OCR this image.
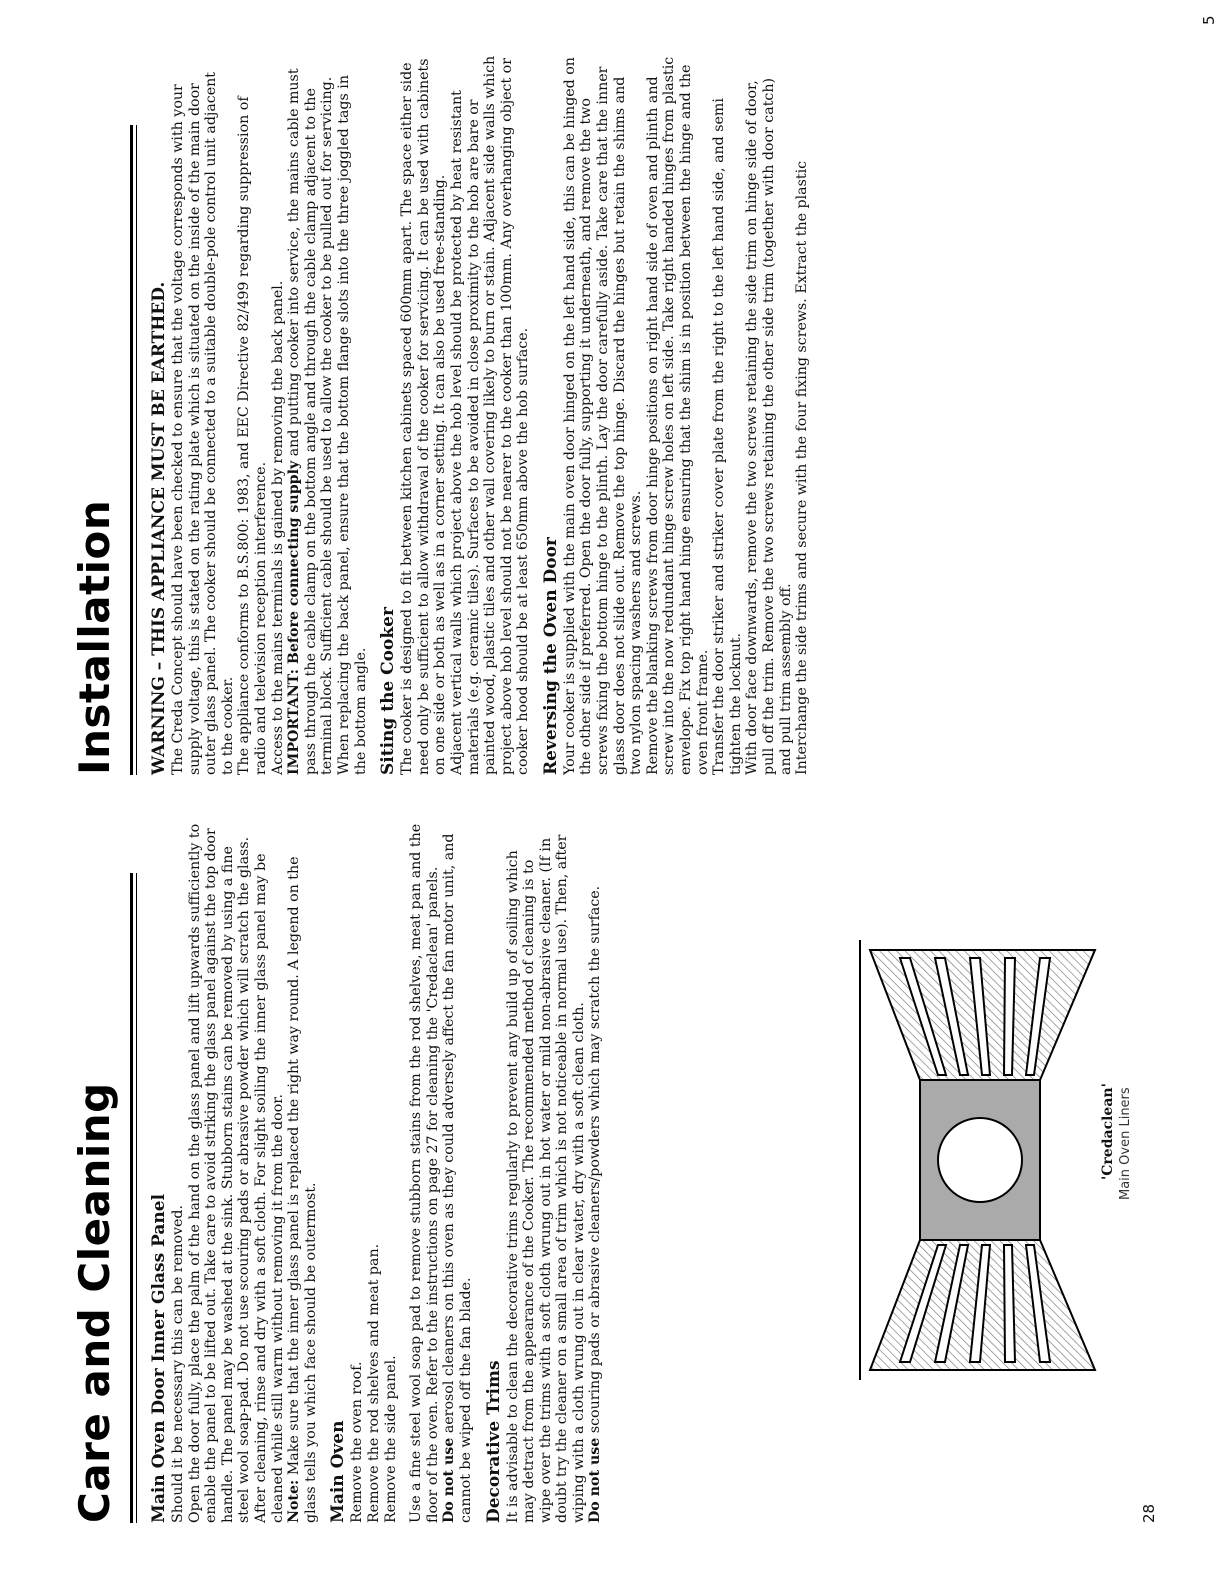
Care and Cleaning Main Oven Door Inner Glass Panel Should it be necessary this can be removed. Open the door fully, place the palm of the hand on the glass panel and lift upwards sufficiently to enable the panel to be lifted out. Take care to avoid striking the glass panel against the top door handle. The panel may be washed at the sink. Stubborn stains can be removed by using a fine steel wool soap-pad. Do not use scouring pads or abrasive powder which will scratch the glass. After cleaning, rinse and dry with a soft cloth. For slight soiling the inner glass panel may be cleaned while still warm without removing it from the door. Note: Make sure that the inner glass panel is replaced the right way round. A legend on the glass tells you which face should be outermost. Main Oven Remove the oven roof. Remove the rod shelves and meat pan. Remove the side panel. Use a fine steel wool soap pad to remove stubborn stains from the rod shelves, meat pan and the floor of the oven. Refer to the instructions on page 27 for cleaning the 'Credaclean' panels. Do not use aerosol cleaners on this oven as they could adversely affect the fan motor unit, and cannot be wiped off the fan blade. Decorative Trims It is advisable to clean the decorative trims regularly to prevent any build up of soiling which may detract from the appearance of the Cooker. The recommended method of cleaning is to wipe over the trims with a soft cloth wrung out in hot water or mild non-abrasive cleaner. (If in doubt try the cleaner on a small area of trim which is not noticeable in normal use). Then, after wiping with a cloth wrung out in clear water, dry with a soft clean cloth. Do not use scouring pads or abrasive cleaners/powders which may scratch the surface.	'Credaclean' Main Oven Liners
28
Installation WARNING – THIS APPLIANCE MUST BE EARTHED. The Creda Concept should have been checked to ensure that the voltage corresponds with your supply voltage, this is stated on the rating plate which is situated on the inside of the main door outer glass panel. The cooker should be connected to a suitable double-pole control unit adjacent to the cooker. The appliance conforms to B.S.800: 1983, and EEC Directive 82/499 regarding suppression of radio and television reception interference. Access to the mains terminals is gained by removing the back panel. IMPORTANT: Before connecting supply and putting cooker into service, the mains cable must pass through the cable clamp on the bottom angle and through the cable clamp adjacent to the terminal block. Sufficient cable should be used to allow the cooker to be pulled out for servicing. When replacing the back panel, ensure that the bottom flange slots into the three joggled tags in the bottom angle. Siting the Cooker The cooker is designed to fit between kitchen cabinets spaced 600mm apart. The space either side need only be sufficient to allow withdrawal of the cooker for servicing. It can be used with cabinets on one side or both as well as in a corner setting. It can also be used free-standing. Adjacent vertical walls which project above the hob level should be protected by heat resistant materials (e.g. ceramic tiles). Surfaces to be avoided in close proximity to the hob are bare or painted wood, plastic tiles and other wall covering likely to burn or stain. Adjacent side walls which project above hob level should not be nearer to the cooker than 100mm. Any overhanging object or cooker hood should be at least 650mm above the hob surface. Reversing the Oven Door Your cooker is supplied with the main oven door hinged on the left hand side, this can be hinged on the other side if preferred. Open the door fully, supporting it underneath, and remove the two screws fixing the bottom hinge to the plinth. Lay the door carefully aside. Take care that the inner glass door does not slide out. Remove the top hinge. Discard the hinges but retain the shims and two nylon spacing washers and screws. Remove the blanking screws from door hinge positions on right hand side of oven and plinth and screw into the now redundant hinge screw holes on left side. Take right handed hinges from plastic envelope. Fix top right hand hinge ensuring that the shim is in position between the hinge and the oven front frame. Transfer the door striker and striker cover plate from the right to the left hand side, and semi tighten the locknut. With door face downwards, remove the two screws retaining the side trim on hinge side of door, pull off the trim. Remove the two screws retaining the other side trim (together with door catch) and pull trim assembly off. Interchange the side trims and secure with the four fixing screws. Extract the plastic

5
